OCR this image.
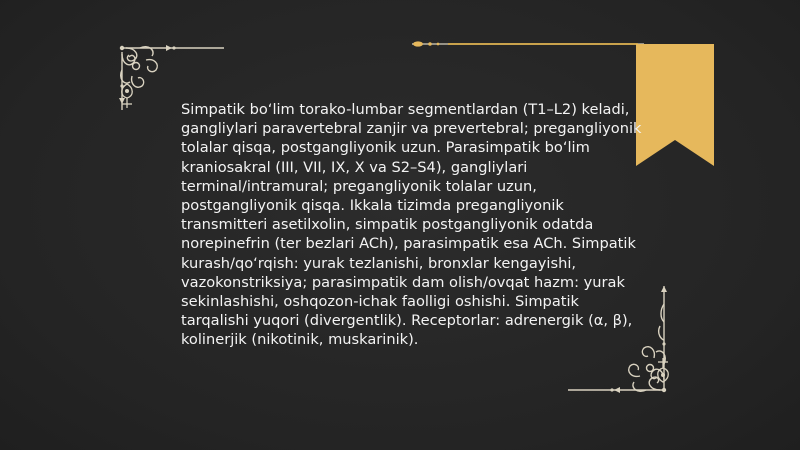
Simpatik bo‘lim torako-lumbar segmentlardan (T1–L2) keladi, gangliylari paravertebral zanjir va prevertebral; pregangliyonik tolalar qisqa, postgangliyonik uzun. Parasimpatik bo‘lim kraniosakral (III, VII, IX, X va S2–S4), gangliylari terminal/intramural; pregangliyonik tolalar uzun, postgangliyonik qisqa. Ikkala tizimda pregangliyonik transmitteri asetilxolin, simpatik postgangliyonik odatda norepinefrin (ter bezlari ACh), parasimpatik esa ACh. Simpatik kurash/qo‘rqish: yurak tezlanishi, bronxlar kengayishi, vazokonstriksiya; parasimpatik dam olish/ovqat hazm: yurak sekinlashishi, oshqozon-ichak faolligi oshishi. Simpatik tarqalishi yuqori (divergentlik). Receptorlar: adrenergik (α, β), kolinerjik (nikotinik, muskarinik).
